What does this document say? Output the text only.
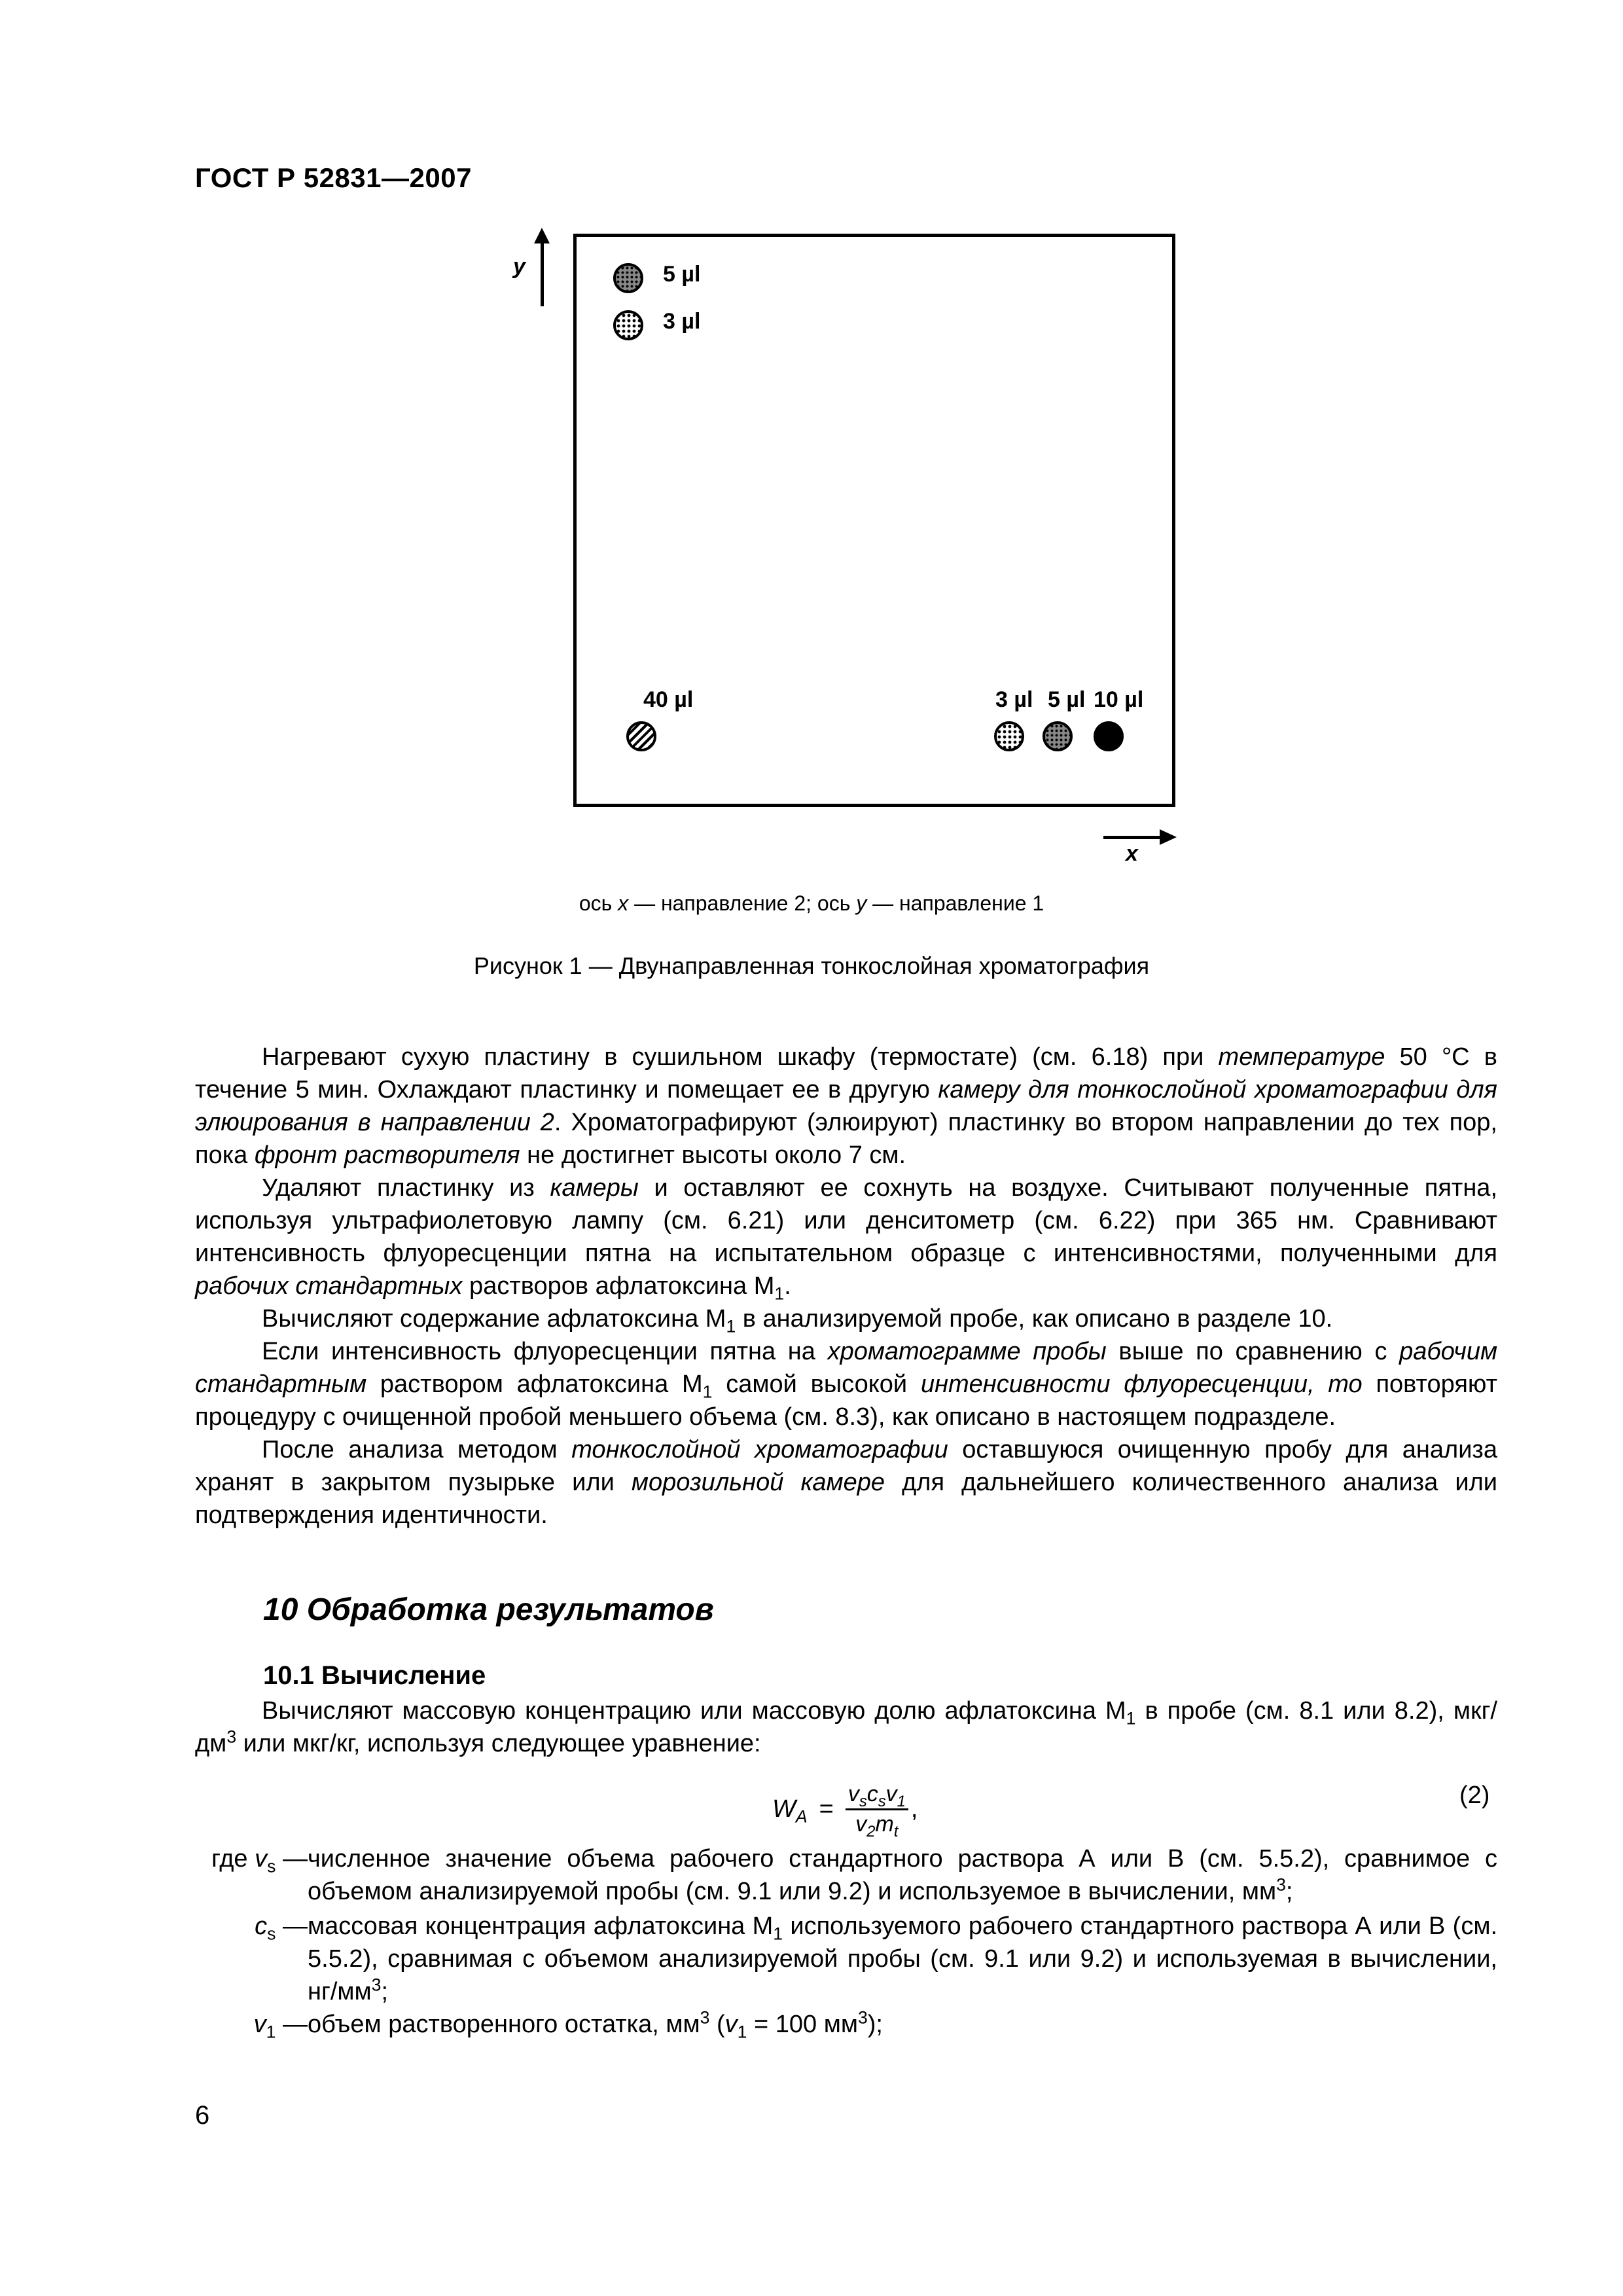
ГОСТ Р 52831—2007
y	5 µl
3 µl
40 µl	3 µl 5 µl 10 µl
x
ось x — направление 2; ось y — направление 1
Рисунок 1 — Двунаправленная тонкослойная хроматография

Нагревают сухую пластину в сушильном шкафу (термостате) (см. 6.18) при температуре 50 °С в течение 5 мин. Охлаждают пластинку и помещает ее в другую камеру для тонкослойной хроматографии для элюирования в направлении 2. Хроматографируют (элюируют) пластинку во втором направлении до тех пор, пока фронт растворителя не достигнет высоты около 7 см.

Удаляют пластинку из камеры и оставляют ее сохнуть на воздухе. Считывают полученные пятна, используя ультрафиолетовую лампу (см. 6.21) или денситометр (см. 6.22) при 365 нм. Сравнивают интенсивность флуоресценции пятна на испытательном образце с интенсивностями, полученными для рабочих стандартных растворов афлатоксина $М_1$.

Вычисляют содержание афлатоксина $М_1$ в анализируемой пробе, как описано в разделе 10.

Если интенсивность флуоресценции пятна на хроматограмме пробы выше по сравнению с рабочим стандартным раствором афлатоксина $М_1$ самой высокой интенсивности флуоресценции, то повторяют процедуру с очищенной пробой меньшего объема (см. 8.3), как описано в настоящем подразделе.

После анализа методом тонкослойной хроматографии оставшуюся очищенную пробу для анализа хранят в закрытом пузырьке или морозильной камере для дальнейшего количественного анализа или подтверждения идентичности.

10 Обработка результатов
10.1 Вычисление

Вычисляют массовую концентрацию или массовую долю афлатоксина $М_1$ в пробе (см. 8.1 или 8.2), мкг/$дм^3$ или мкг/кг, используя следующее уравнение:

$W_A = \frac{v_sc_sv_1}{v_2m_t}$ ,	(2)
где $v_s$ — численное значение объема рабочего стандартного раствора А или В (см. 5.5.2), сравнимое с объемом анализируемой пробы (см. 9.1 или 9.2) и используемое в вычислении, $мм^3$;
$c_s$ — массовая концентрация афлатоксина $М_1$ используемого рабочего стандартного раствора А или В (см. 5.5.2), сравнимая с объемом анализируемой пробы (см. 9.1 или 9.2) и используемая в вычислении, $нг/мм^3$;
$v_1$ — объем растворенного остатка, $мм^3$ ($v_1 = 100$ $мм^3$);
6
